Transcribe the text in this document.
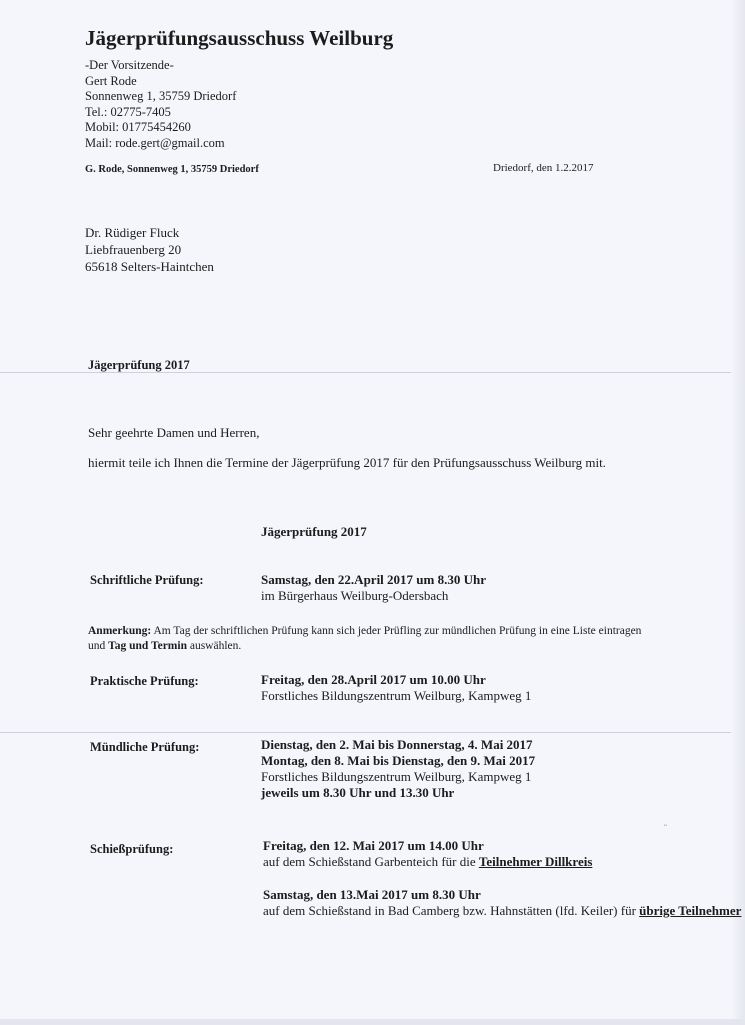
Jägerprüfungsausschuss Weilburg
-Der Vorsitzende-
Gert Rode
Sonnenweg 1, 35759 Driedorf
Tel.: 02775-7405
Mobil: 01775454260
Mail: rode.gert@gmail.com
G. Rode, Sonnenweg 1, 35759 Driedorf	Driedorf, den 1.2.2017
Dr. Rüdiger Fluck
Liebfrauenberg 20
65618 Selters-Haintchen
Jägerprüfung 2017
Sehr geehrte Damen und Herren,
hiermit teile ich Ihnen die Termine der Jägerprüfung 2017 für den Prüfungsausschuss Weilburg mit.
Jägerprüfung 2017
Schriftliche Prüfung:	Samstag, den 22.April 2017 um 8.30 Uhr
im Bürgerhaus Weilburg-Odersbach
Anmerkung: Am Tag der schriftlichen Prüfung kann sich jeder Prüfling zur mündlichen Prüfung in eine Liste eintragen und Tag und Termin auswählen.
Praktische Prüfung:	Freitag, den 28.April 2017 um 10.00 Uhr
Forstliches Bildungszentrum Weilburg, Kampweg 1
Mündliche Prüfung:	Dienstag, den 2. Mai bis Donnerstag, 4. Mai 2017
Montag, den 8. Mai bis Dienstag, den 9. Mai 2017
Forstliches Bildungszentrum Weilburg, Kampweg 1
jeweils um 8.30 Uhr und 13.30 Uhr
Schießprüfung:	Freitag, den 12. Mai 2017 um 14.00 Uhr
auf dem Schießstand Garbenteich für die Teilnehmer Dillkreis
Samstag, den 13.Mai 2017 um 8.30 Uhr
auf dem Schießstand in Bad Camberg bzw. Hahnstätten (lfd. Keiler) für übrige Teilnehmer
ᵔ
